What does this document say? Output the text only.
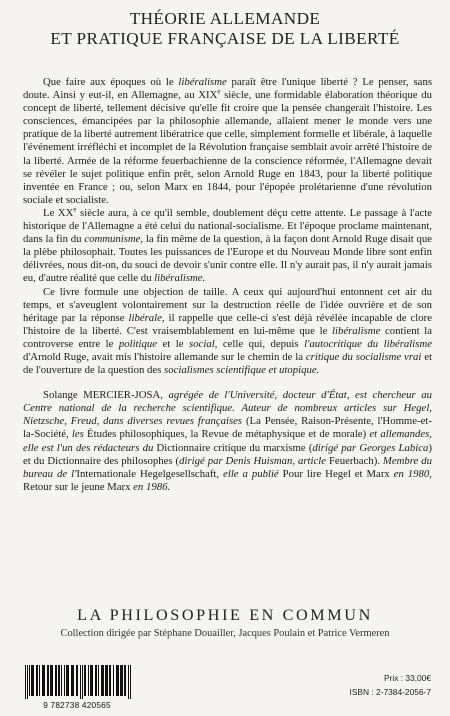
THÉORIE ALLEMANDE
ET PRATIQUE FRANÇAISE DE LA LIBERTÉ

Que faire aux époques où le libéralisme paraît être l'unique liberté ? Le penser, sans doute. Ainsi y eut-il, en Allemagne, au XIXe siècle, une formidable élaboration théorique du concept de liberté, tellement décisive qu'elle fit croire que la pensée changerait l'histoire. Les consciences, émancipées par la philosophie allemande, allaient mener le monde vers une pratique de la liberté autrement libératrice que celle, simplement formelle et libérale, à laquelle l'événement irréfléchi et incomplet de la Révolution française semblait avoir arrêté l'histoire de la liberté. Armée de la réforme feuerbachienne de la conscience réformée, l'Allemagne devait se révéler le sujet politique enfin prêt, selon Arnold Ruge en 1843, pour la liberté politique inventée en France ; ou, selon Marx en 1844, pour l'épopée prolétarienne d'une révolution sociale et socialiste.

Le XXe siècle aura, à ce qu'il semble, doublement déçu cette attente. Le passage à l'acte historique de l'Allemagne a été celui du national-socialisme. Et l'époque proclame maintenant, dans la fin du communisme, la fin même de la question, à la façon dont Arnold Ruge disait que la plèbe philosophait. Toutes les puissances de l'Europe et du Nouveau Monde libre sont enfin délivrées, nous dit-on, du souci de devoir s'unir contre elle. Il n'y aurait pas, il n'y aurait jamais eu, d'autre réalité que celle du libéralisme.

Ce livre formule une objection de taille. A ceux qui aujourd'hui entonnent cet air du temps, et s'aveuglent volontairement sur la destruction réelle de l'idée ouvrière et de son héritage par la réponse libérale, il rappelle que celle-ci s'est déjà révélée incapable de clore l'histoire de la liberté. C'est vraisemblablement en lui-même que le libéralisme contient la controverse entre le politique et le social, celle qui, depuis l'autocritique du libéralisme d'Arnold Ruge, avait mis l'histoire allemande sur le chemin de la critique du socialisme vrai et de l'ouverture de la question des socialismes scientifique et utopique.

Solange MERCIER-JOSA, agrégée de l'Université, docteur d'État, est chercheur au Centre national de la recherche scientifique. Auteur de nombreux articles sur Hegel, Nietzsche, Freud, dans diverses revues françaises (La Pensée, Raison-Présente, l'Homme-et-la-Société, les Études philosophiques, la Revue de métaphysique et de morale) et allemandes, elle est l'un des rédacteurs du Dictionnaire critique du marxisme (dirigé par Georges Labica) et du Dictionnaire des philosophes (dirigé par Denis Huisman, article Feuerbach). Membre du bureau de l'Internationale Hegelgesellschaft, elle a publié Pour lire Hegel et Marx en 1980, Retour sur le jeune Marx en 1986.

LA PHILOSOPHIE EN COMMUN
Collection dirigée par Stéphane Douailler, Jacques Poulain et Patrice Vermeren
9 782738 420565
Prix : 33,00€
ISBN : 2-7384-2056-7
